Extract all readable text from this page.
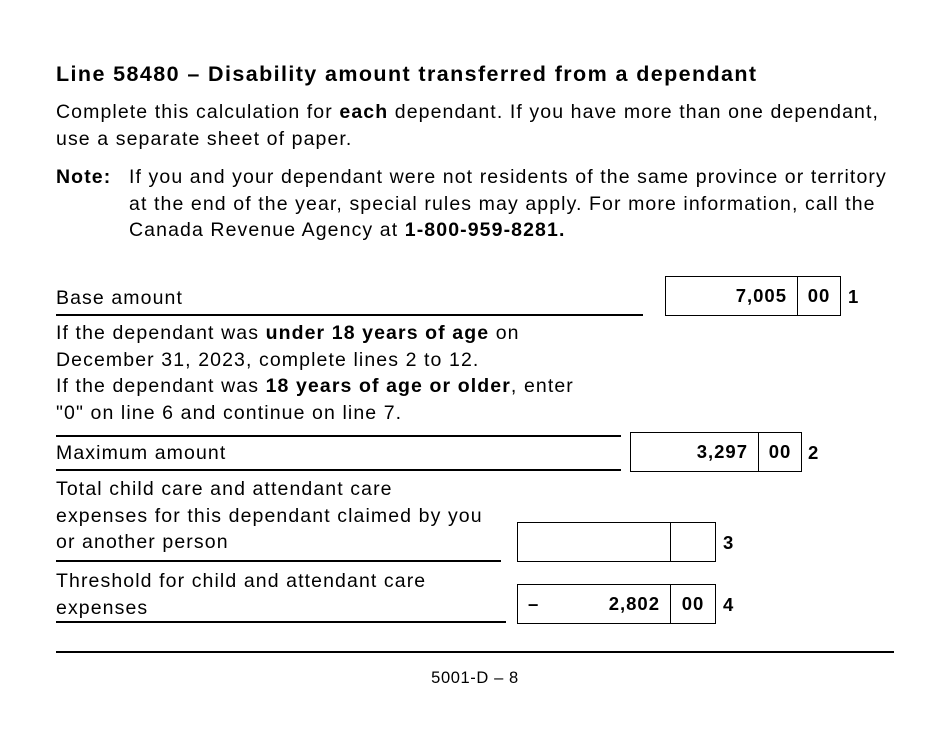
Line 58480 – Disability amount transferred from a dependant
Complete this calculation for each dependant. If you have more than one dependant, use a separate sheet of paper.
Note: If you and your dependant were not residents of the same province or territory at the end of the year, special rules may apply. For more information, call the Canada Revenue Agency at 1-800-959-8281.
Base amount	7,005	00 1
If the dependant was under 18 years of age on December 31, 2023, complete lines 2 to 12.
If the dependant was 18 years of age or older, enter "0" on line 6 and continue on line 7.
Maximum amount	3,297	00 2
Total child care and attendant care expenses for this dependant claimed by you or another person	3
Threshold for child and attendant care expenses	–	2,802	00	4
5001-D – 8
